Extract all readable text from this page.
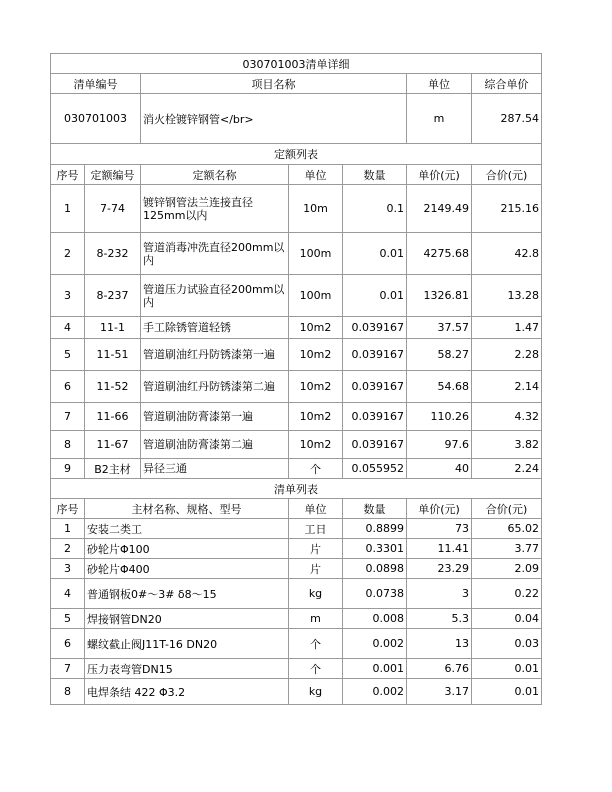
030701003清单详细						
清单编号		项目名称			单位	综合单价
030701003		消火栓镀锌钢管</br>			m	287.54
定额列表						
序号	定额编号	定额名称	单位	数量	单价(元)	合价(元)
1	7-74	镀锌钢管法兰连接直径125mm以内	10m	0.1	2149.49	215.16
2	8-232	管道消毒冲洗直径200mm以内	100m	0.01	4275.68	42.8
3	8-237	管道压力试验直径200mm以内	100m	0.01	1326.81	13.28
4	11-1	手工除锈管道轻锈	10m2	0.039167	37.57	1.47
5	11-51	管道刷油红丹防锈漆第一遍	10m2	0.039167	58.27	2.28
6	11-52	管道刷油红丹防锈漆第二遍	10m2	0.039167	54.68	2.14
7	11-66	管道刷油防膏漆第一遍	10m2	0.039167	110.26	4.32
8	11-67	管道刷油防膏漆第二遍	10m2	0.039167	97.6	3.82
9	B2主材	异径三通	个	0.055952	40	2.24
清单列表						
序号	主材名称、规格、型号		单位	数量	单价(元)	合价(元)
1	安装二类工		工日	0.8899	73	65.02
2	砂轮片Φ100		片	0.3301	11.41	3.77
3	砂轮片Φ400		片	0.0898	23.29	2.09
4	普通钢板0#～3# δ8～15		kg	0.0738	3	0.22
5	焊接钢管DN20		m	0.008	5.3	0.04
6	螺纹截止阀J11T-16 DN20		个	0.002	13	0.03
7	压力表弯管DN15		个	0.001	6.76	0.01
8	电焊条结 422 Φ3.2		kg	0.002	3.17	0.01
